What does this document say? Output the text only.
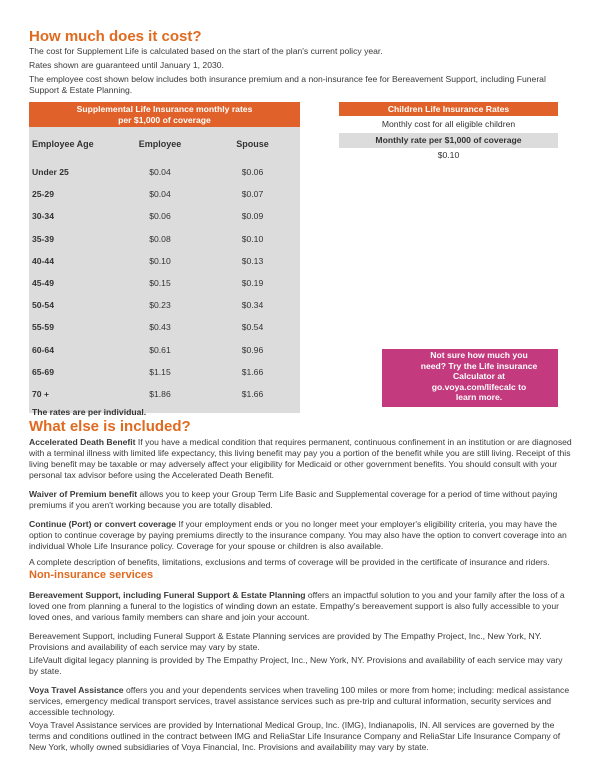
How much does it cost?

The cost for Supplement Life is calculated based on the start of the plan's current policy year.

Rates shown are guaranteed until January 1, 2030.

The employee cost shown below includes both insurance premium and a non-insurance fee for Bereavement Support, including Funeral Support & Estate Planning.

Supplemental Life Insurance monthly rates
per $1,000 of coverage
Employee Age	Employee	Spouse
Under 25	$0.04	$0.06
25-29	$0.04	$0.07
30-34	$0.06	$0.09
35-39	$0.08	$0.10
40-44	$0.10	$0.13
45-49	$0.15	$0.19
50-54	$0.23	$0.34
55-59	$0.43	$0.54
60-64	$0.61	$0.96
65-69	$1.15	$1.66
70 +	$1.86	$1.66
The rates are per individual.
Children Life Insurance Rates
Monthly cost for all eligible children
Monthly rate per $1,000 of coverage
$0.10
Not sure how much you
need? Try the Life insurance
Calculator at
go.voya.com/lifecalc to
learn more.
What else is included?

Accelerated Death Benefit If you have a medical condition that requires permanent, continuous confinement in an institution or are diagnosed with a terminal illness with limited life expectancy, this living benefit may pay you a portion of the benefit while you are still living. Receipt of this living benefit may be taxable or may adversely affect your eligibility for Medicaid or other government benefits. You should consult with your personal tax advisor before using the Accelerated Death Benefit.

Waiver of Premium benefit allows you to keep your Group Term Life Basic and Supplemental coverage for a period of time without paying premiums if you aren't working because you are totally disabled.

Continue (Port) or convert coverage If your employment ends or you no longer meet your employer's eligibility criteria, you may have the option to continue coverage by paying premiums directly to the insurance company. You may also have the option to convert coverage into an individual Whole Life Insurance policy. Coverage for your spouse or children is also available.

A complete description of benefits, limitations, exclusions and terms of coverage will be provided in the certificate of insurance and riders.

Non-insurance services

Bereavement Support, including Funeral Support & Estate Planning offers an impactful solution to you and your family after the loss of a loved one from planning a funeral to the logistics of winding down an estate. Empathy's bereavement support is also fully accessible to your loved ones, and various family members can share and join your account.

Bereavement Support, including Funeral Support & Estate Planning services are provided by The Empathy Project, Inc., New York, NY. Provisions and availability of each service may vary by state.

LifeVault digital legacy planning is provided by The Empathy Project, Inc., New York, NY. Provisions and availability of each service may vary by state.

Voya Travel Assistance offers you and your dependents services when traveling 100 miles or more from home; including: medical assistance services, emergency medical transport services, travel assistance services such as pre-trip and cultural information, security services and accessible technology.

Voya Travel Assistance services are provided by International Medical Group, Inc. (IMG), Indianapolis, IN. All services are governed by the terms and conditions outlined in the contract between IMG and ReliaStar Life Insurance Company and ReliaStar Life Insurance Company of New York, wholly owned subsidiaries of Voya Financial, Inc. Provisions and availability may vary by state.
